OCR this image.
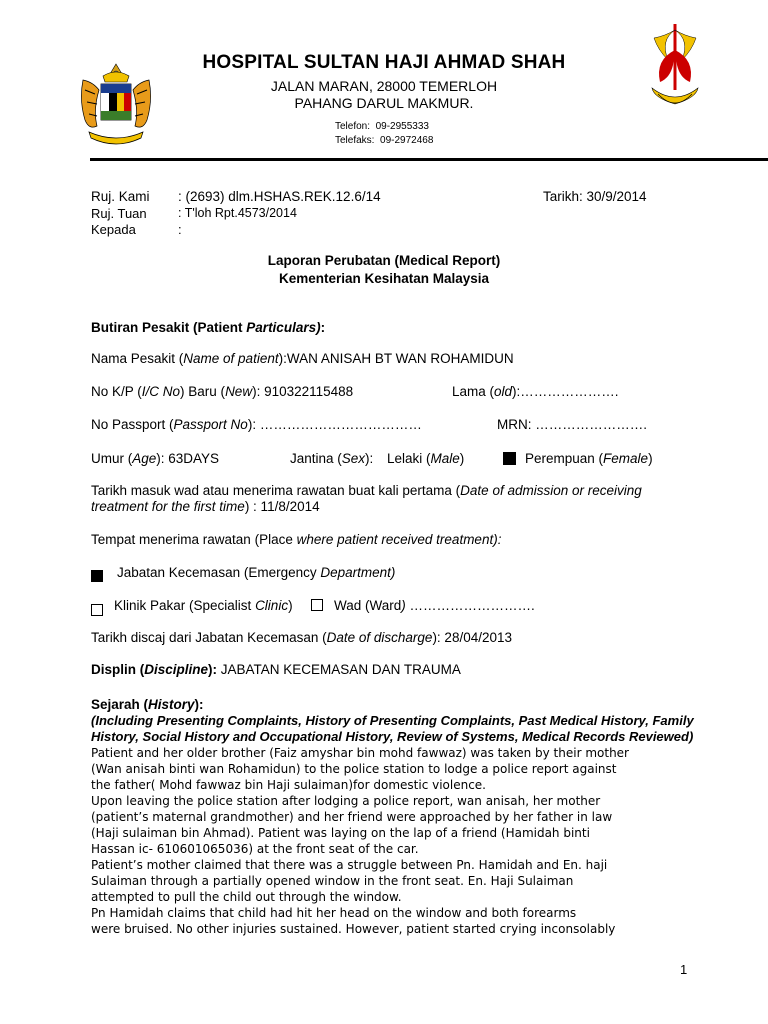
HOSPITAL SULTAN HAJI AHMAD SHAH
JALAN MARAN, 28000 TEMERLOH
PAHANG DARUL MAKMUR.
Telefon: 09-2955333
Telefaks: 09-2972468
Ruj. Kami : (2693) dlm.HSHAS.REK.12.6/14	Tarikh: 30/9/2014
Ruj. Tuan	: T'loh Rpt.4573/2014
Kepada	:
Laporan Perubatan (Medical Report)
Kementerian Kesihatan Malaysia
Butiran Pesakit (Patient Particulars):
Nama Pesakit (Name of patient):WAN ANISAH BT WAN ROHAMIDUN
No K/P (I/C No) Baru (New): 910322115488	Lama (old):………………….
No Passport (Passport No): ………………………………	MRN: …………………….
Umur (Age): 63DAYS	Jantina (Sex): Lelaki (Male)	Perempuan (Female)
Tarikh masuk wad atau menerima rawatan buat kali pertama (Date of admission or receiving
treatment for the first time) : 11/8/2014
Tempat menerima rawatan (Place where patient received treatment):
Jabatan Kecemasan (Emergency Department)
Klinik Pakar (Specialist Clinic)	Wad (Ward) ……………………….
Tarikh discaj dari Jabatan Kecemasan (Date of discharge): 28/04/2013
Displin (Discipline): JABATAN KECEMASAN DAN TRAUMA
Sejarah (History):
(Including Presenting Complaints, History of Presenting Complaints, Past Medical History, Family
History, Social History and Occupational History, Review of Systems, Medical Records Reviewed)
Patient and her older brother (Faiz amyshar bin mohd fawwaz) was taken by their mother
(Wan anisah binti wan Rohamidun) to the police station to lodge a police report against
the father( Mohd fawwaz bin Haji sulaiman)for domestic violence.
Upon leaving the police station after lodging a police report, wan anisah, her mother
(patient’s maternal grandmother) and her friend were approached by her father in law
(Haji sulaiman bin Ahmad). Patient was laying on the lap of a friend (Hamidah binti
Hassan ic- 610601065036) at the front seat of the car.
Patient’s mother claimed that there was a struggle between Pn. Hamidah and En. haji
Sulaiman through a partially opened window in the front seat. En. Haji Sulaiman
attempted to pull the child out through the window.
Pn Hamidah claims that child had hit her head on the window and both forearms
were bruised. No other injuries sustained. However, patient started crying inconsolably
1
